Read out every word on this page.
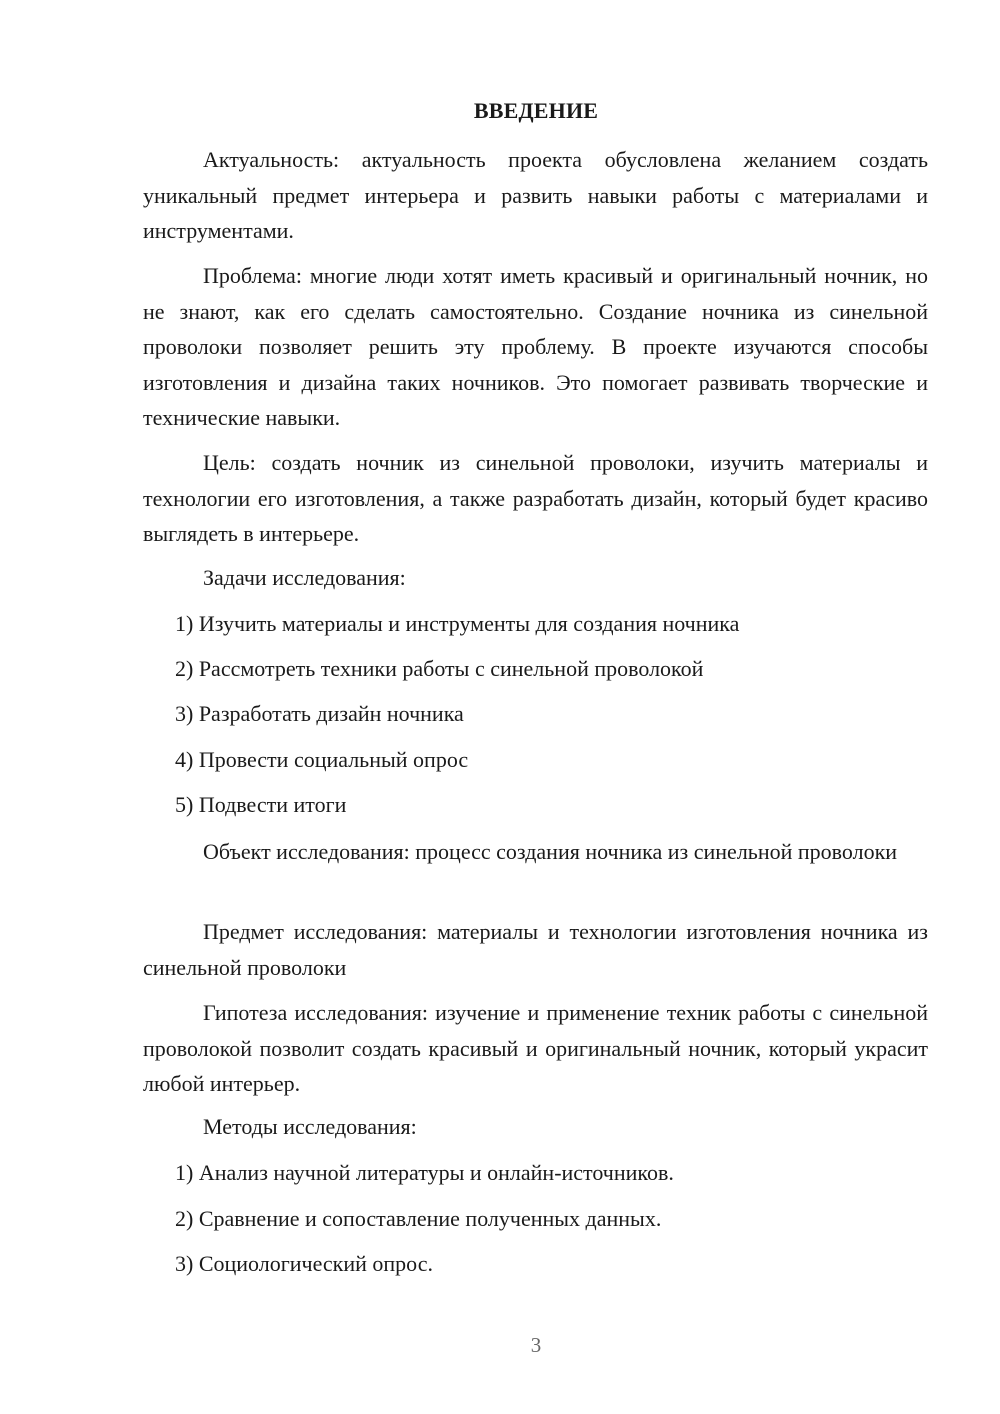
ВВЕДЕНИЕ
Актуальность: актуальность проекта обусловлена желанием создать уникальный предмет интерьера и развить навыки работы с материалами и инструментами.
Проблема: многие люди хотят иметь красивый и оригинальный ночник, но не знают, как его сделать самостоятельно. Создание ночника из синельной проволоки позволяет решить эту проблему. В проекте изучаются способы изготовления и дизайна таких ночников. Это помогает развивать творческие и технические навыки.
Цель: создать ночник из синельной проволоки, изучить материалы и технологии его изготовления, а также разработать дизайн, который будет красиво выглядеть в интерьере.
Задачи исследования:
1) Изучить материалы и инструменты для создания ночника
2) Рассмотреть техники работы с синельной проволокой
3) Разработать дизайн ночника
4) Провести социальный опрос
5) Подвести итоги
Объект исследования: процесс создания ночника из синельной проволоки
Предмет исследования: материалы и технологии изготовления ночника из синельной проволоки
Гипотеза исследования: изучение и применение техник работы с синельной проволокой позволит создать красивый и оригинальный ночник, который украсит любой интерьер.
Методы исследования:
1) Анализ научной литературы и онлайн-источников.
2) Сравнение и сопоставление полученных данных.
3) Социологический опрос.
3
